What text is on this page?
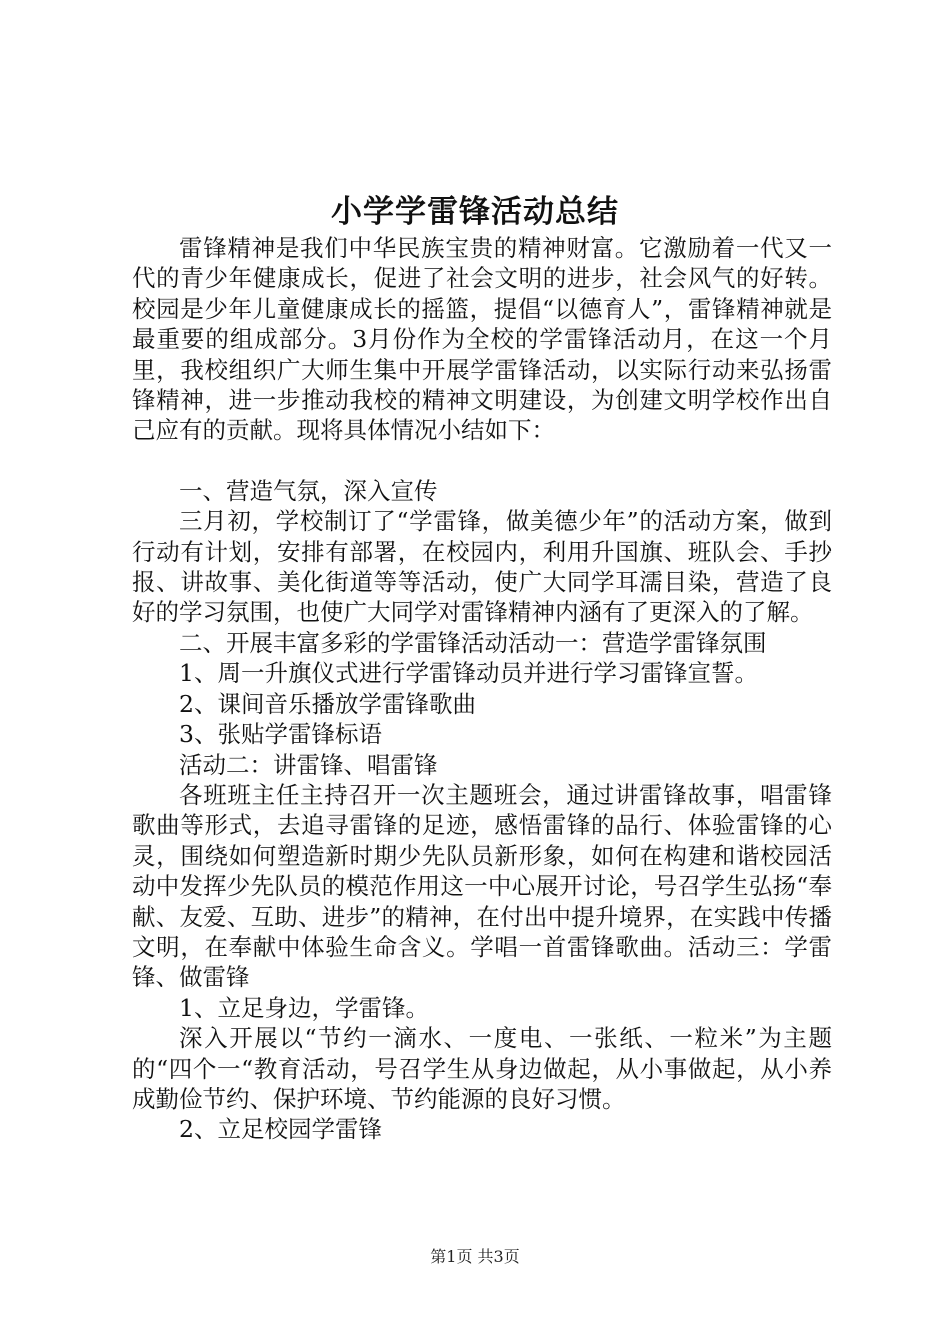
小学学雷锋活动总结

雷锋精神是我们中华民族宝贵的精神财富。它激励着一代又一代的青少年健康成长，促进了社会文明的进步，社会风气的好转。校园是少年儿童健康成长的摇篮，提倡“以德育人”，雷锋精神就是最重要的组成部分。3月份作为全校的学雷锋活动月，在这一个月里，我校组织广大师生集中开展学雷锋活动，以实际行动来弘扬雷锋精神，进一步推动我校的精神文明建设，为创建文明学校作出自己应有的贡献。现将具体情况小结如下：

一、营造气氛，深入宣传

三月初，学校制订了“学雷锋，做美德少年”的活动方案，做到行动有计划，安排有部署，在校园内，利用升国旗、班队会、手抄报、讲故事、美化街道等等活动，使广大同学耳濡目染，营造了良好的学习氛围，也使广大同学对雷锋精神内涵有了更深入的了解。

二、开展丰富多彩的学雷锋活动活动一：营造学雷锋氛围

1、周一升旗仪式进行学雷锋动员并进行学习雷锋宣誓。

2、课间音乐播放学雷锋歌曲

3、张贴学雷锋标语

活动二：讲雷锋、唱雷锋

各班班主任主持召开一次主题班会，通过讲雷锋故事，唱雷锋歌曲等形式，去追寻雷锋的足迹，感悟雷锋的品行、体验雷锋的心灵，围绕如何塑造新时期少先队员新形象，如何在构建和谐校园活动中发挥少先队员的模范作用这一中心展开讨论，号召学生弘扬“奉献、友爱、互助、进步”的精神，在付出中提升境界，在实践中传播文明，在奉献中体验生命含义。学唱一首雷锋歌曲。活动三：学雷锋、做雷锋

1、立足身边，学雷锋。

深入开展以“节约一滴水、一度电、一张纸、一粒米”为主题的“四个一“教育活动，号召学生从身边做起，从小事做起，从小养成勤俭节约、保护环境、节约能源的良好习惯。

2、立足校园学雷锋

第1页 共3页
